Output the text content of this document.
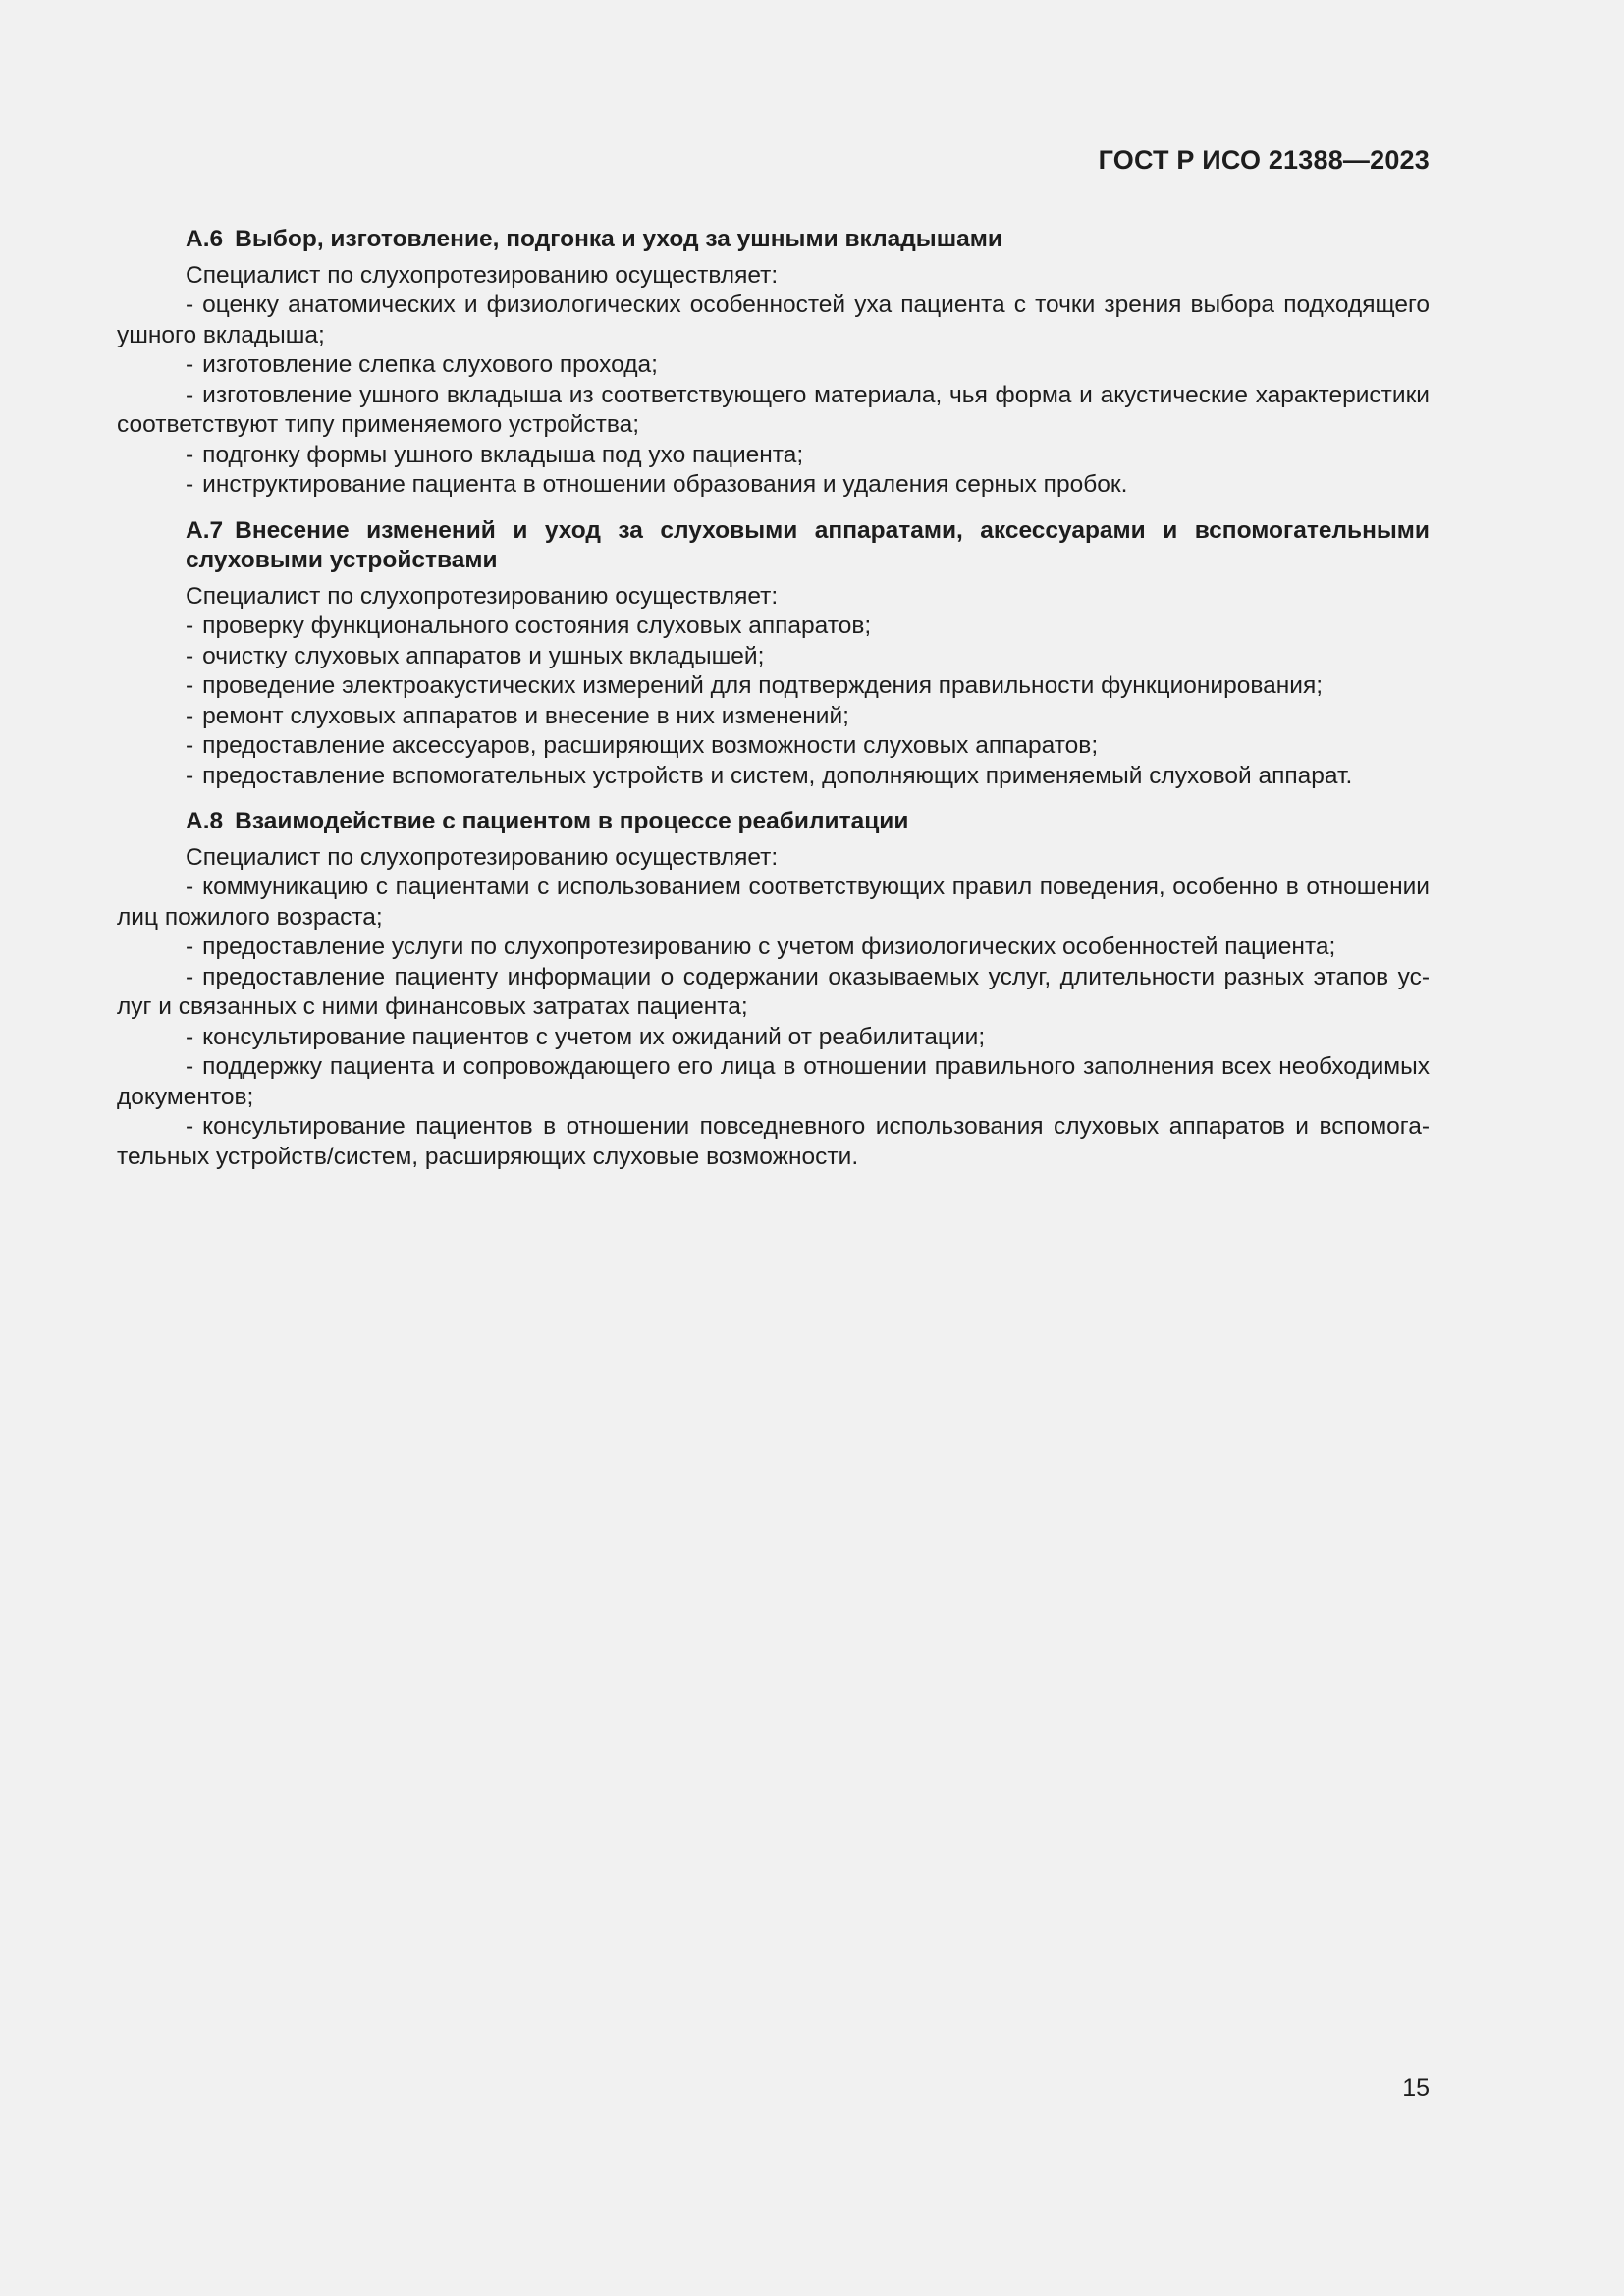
ГОСТ Р ИСО 21388—2023

А.6 Выбор, изготовление, подгонка и уход за ушными вкладышами

Специалист по слухопротезированию осуществляет:

- оценку анатомических и физиологических особенностей уха пациента с точки зрения выбора подходящего ушного вкладыша;
- изготовление слепка слухового прохода;
- изготовление ушного вкладыша из соответствующего материала, чья форма и акустические характеристики соответствуют типу применяемого устройства;
- подгонку формы ушного вкладыша под ухо пациента;
- инструктирование пациента в отношении образования и удаления серных пробок.

А.7 Внесение изменений и уход за слуховыми аппаратами, аксессуарами и вспомогательными слуховыми устройствами

Специалист по слухопротезированию осуществляет:

- проверку функционального состояния слуховых аппаратов;
- очистку слуховых аппаратов и ушных вкладышей;
- проведение электроакустических измерений для подтверждения правильности функционирования;
- ремонт слуховых аппаратов и внесение в них изменений;
- предоставление аксессуаров, расширяющих возможности слуховых аппаратов;
- предоставление вспомогательных устройств и систем, дополняющих применяемый слуховой аппарат.

А.8 Взаимодействие с пациентом в процессе реабилитации

Специалист по слухопротезированию осуществляет:

- коммуникацию с пациентами с использованием соответствующих правил поведения, особенно в отношении лиц пожилого возраста;
- предоставление услуги по слухопротезированию с учетом физиологических особенностей пациента;
- предоставление пациенту информации о содержании оказываемых услуг, длительности разных этапов услуг и связанных с ними финансовых затратах пациента;
- консультирование пациентов с учетом их ожиданий от реабилитации;
- поддержку пациента и сопровождающего его лица в отношении правильного заполнения всех необходимых документов;
- консультирование пациентов в отношении повседневного использования слуховых аппаратов и вспомогательных устройств/систем, расширяющих слуховые возможности.
15
